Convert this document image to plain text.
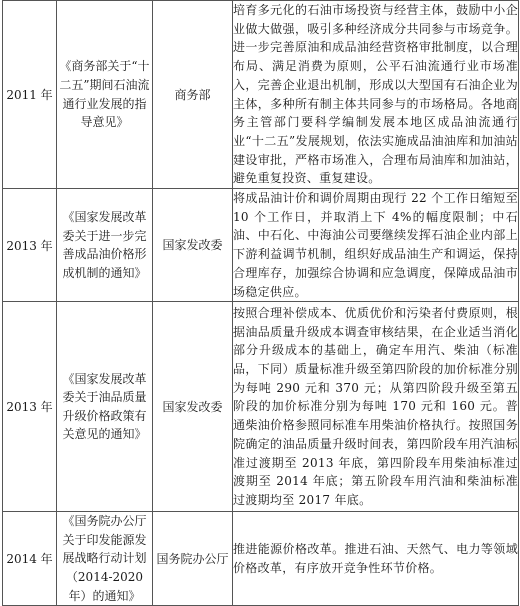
2011 年	《商务部关于“十二五”期间石油流通行业发展的指导意见》	商务部	培育多元化的石油市场投资与经营主体，鼓励中小企业做大做强，吸引多种经济成分共同参与市场竞争。进一步完善原油和成品油经营资格审批制度，以合理布局、满足消费为原则，公平石油流通行业市场准入，完善企业退出机制，形成以大型国有石油企业为主体，多种所有制主体共同参与的市场格局。各地商务主管部门要科学编制发展本地区成品油流通行业“十二五”发展规划，依法实施成品油油库和加油站建设审批，严格市场准入，合理布局油库和加油站，避免重复投资、重复建设。
2013 年	《国家发展改革委关于进一步完善成品油价格形成机制的通知》	国家发改委	将成品油计价和调价周期由现行 22 个工作日缩短至 10 个工作日，并取消上下 4%的幅度限制；中石油、中石化、中海油公司要继续发挥石油企业内部上下游利益调节机制，组织好成品油生产和调运，保持合理库存，加强综合协调和应急调度，保障成品油市场稳定供应。
2013 年	《国家发展改革委关于油品质量升级价格政策有关意见的通知》	国家发改委	按照合理补偿成本、优质优价和污染者付费原则，根据油品质量升级成本调查审核结果，在企业适当消化部分升级成本的基础上，确定车用汽、柴油（标准品，下同）质量标准升级至第四阶段的加价标准分别为每吨 290 元和 370 元；从第四阶段升级至第五阶段的加价标准分别为每吨 170 元和 160 元。普通柴油价格参照同标准车用柴油价格执行。按照国务院确定的油品质量升级时间表，第四阶段车用汽油标准过渡期至 2013 年底，第四阶段车用柴油标准过渡期至 2014 年底；第五阶段车用汽油和柴油标准过渡期均至 2017 年底。
2014 年	《国务院办公厅关于印发能源发展战略行动计划（2014-2020年）的通知》	国务院办公厅	推进能源价格改革。推进石油、天然气、电力等领域价格改革，有序放开竞争性环节价格。
